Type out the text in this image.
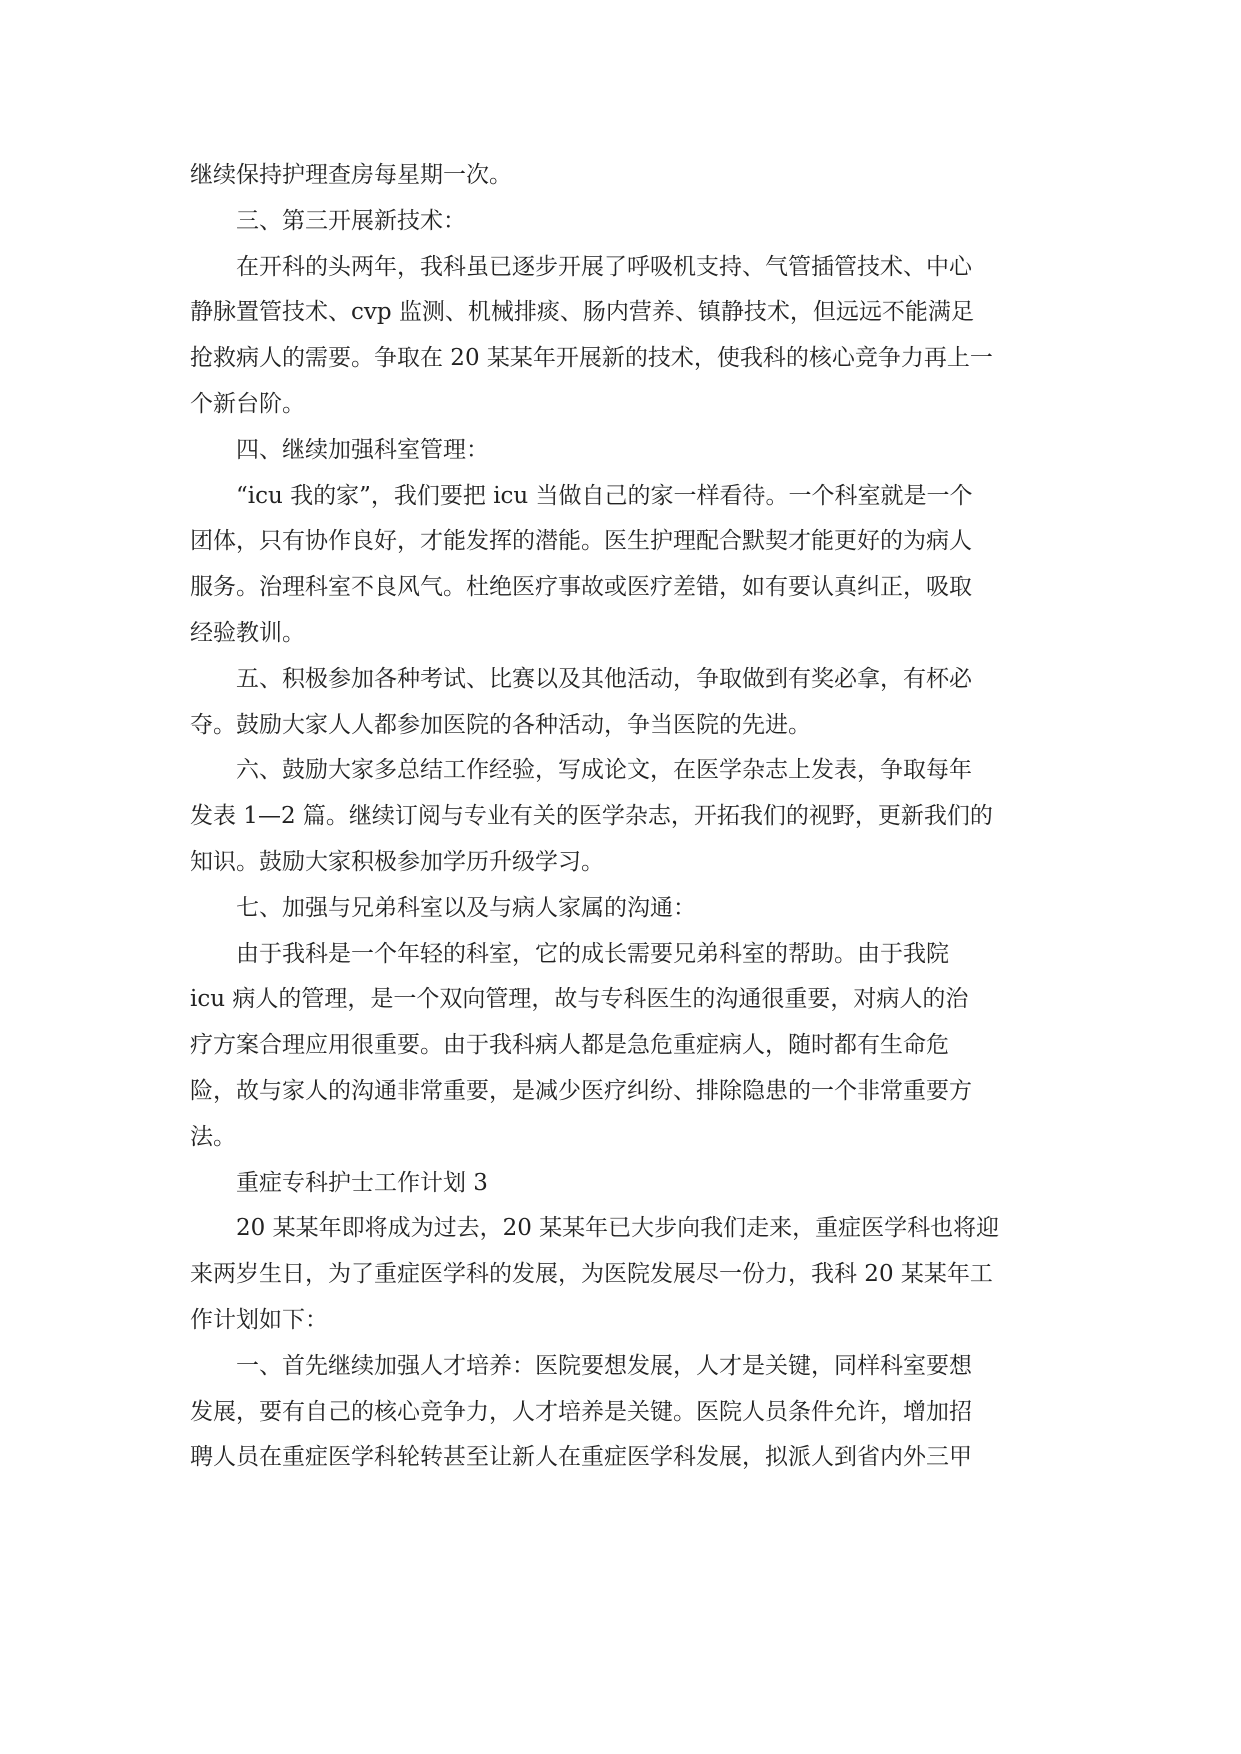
继续保持护理查房每星期一次。
三、第三开展新技术：
在开科的头两年，我科虽已逐步开展了呼吸机支持、气管插管技术、中心
静脉置管技术、cvp 监测、机械排痰、肠内营养、镇静技术，但远远不能满足
抢救病人的需要。争取在 20 某某年开展新的技术，使我科的核心竞争力再上一
个新台阶。
四、继续加强科室管理：
“icu 我的家”，我们要把 icu 当做自己的家一样看待。一个科室就是一个
团体，只有协作良好，才能发挥的潜能。医生护理配合默契才能更好的为病人
服务。治理科室不良风气。杜绝医疗事故或医疗差错，如有要认真纠正，吸取
经验教训。
五、积极参加各种考试、比赛以及其他活动，争取做到有奖必拿，有杯必
夺。鼓励大家人人都参加医院的各种活动，争当医院的先进。
六、鼓励大家多总结工作经验，写成论文，在医学杂志上发表，争取每年
发表 1—2 篇。继续订阅与专业有关的医学杂志，开拓我们的视野，更新我们的
知识。鼓励大家积极参加学历升级学习。
七、加强与兄弟科室以及与病人家属的沟通：
由于我科是一个年轻的科室，它的成长需要兄弟科室的帮助。由于我院
icu 病人的管理，是一个双向管理，故与专科医生的沟通很重要，对病人的治
疗方案合理应用很重要。由于我科病人都是急危重症病人，随时都有生命危
险，故与家人的沟通非常重要，是减少医疗纠纷、排除隐患的一个非常重要方
法。
重症专科护士工作计划 3
20 某某年即将成为过去，20 某某年已大步向我们走来，重症医学科也将迎
来两岁生日，为了重症医学科的发展，为医院发展尽一份力，我科 20 某某年工
作计划如下：
一、首先继续加强人才培养：医院要想发展，人才是关键，同样科室要想
发展，要有自己的核心竞争力，人才培养是关键。医院人员条件允许，增加招
聘人员在重症医学科轮转甚至让新人在重症医学科发展，拟派人到省内外三甲
